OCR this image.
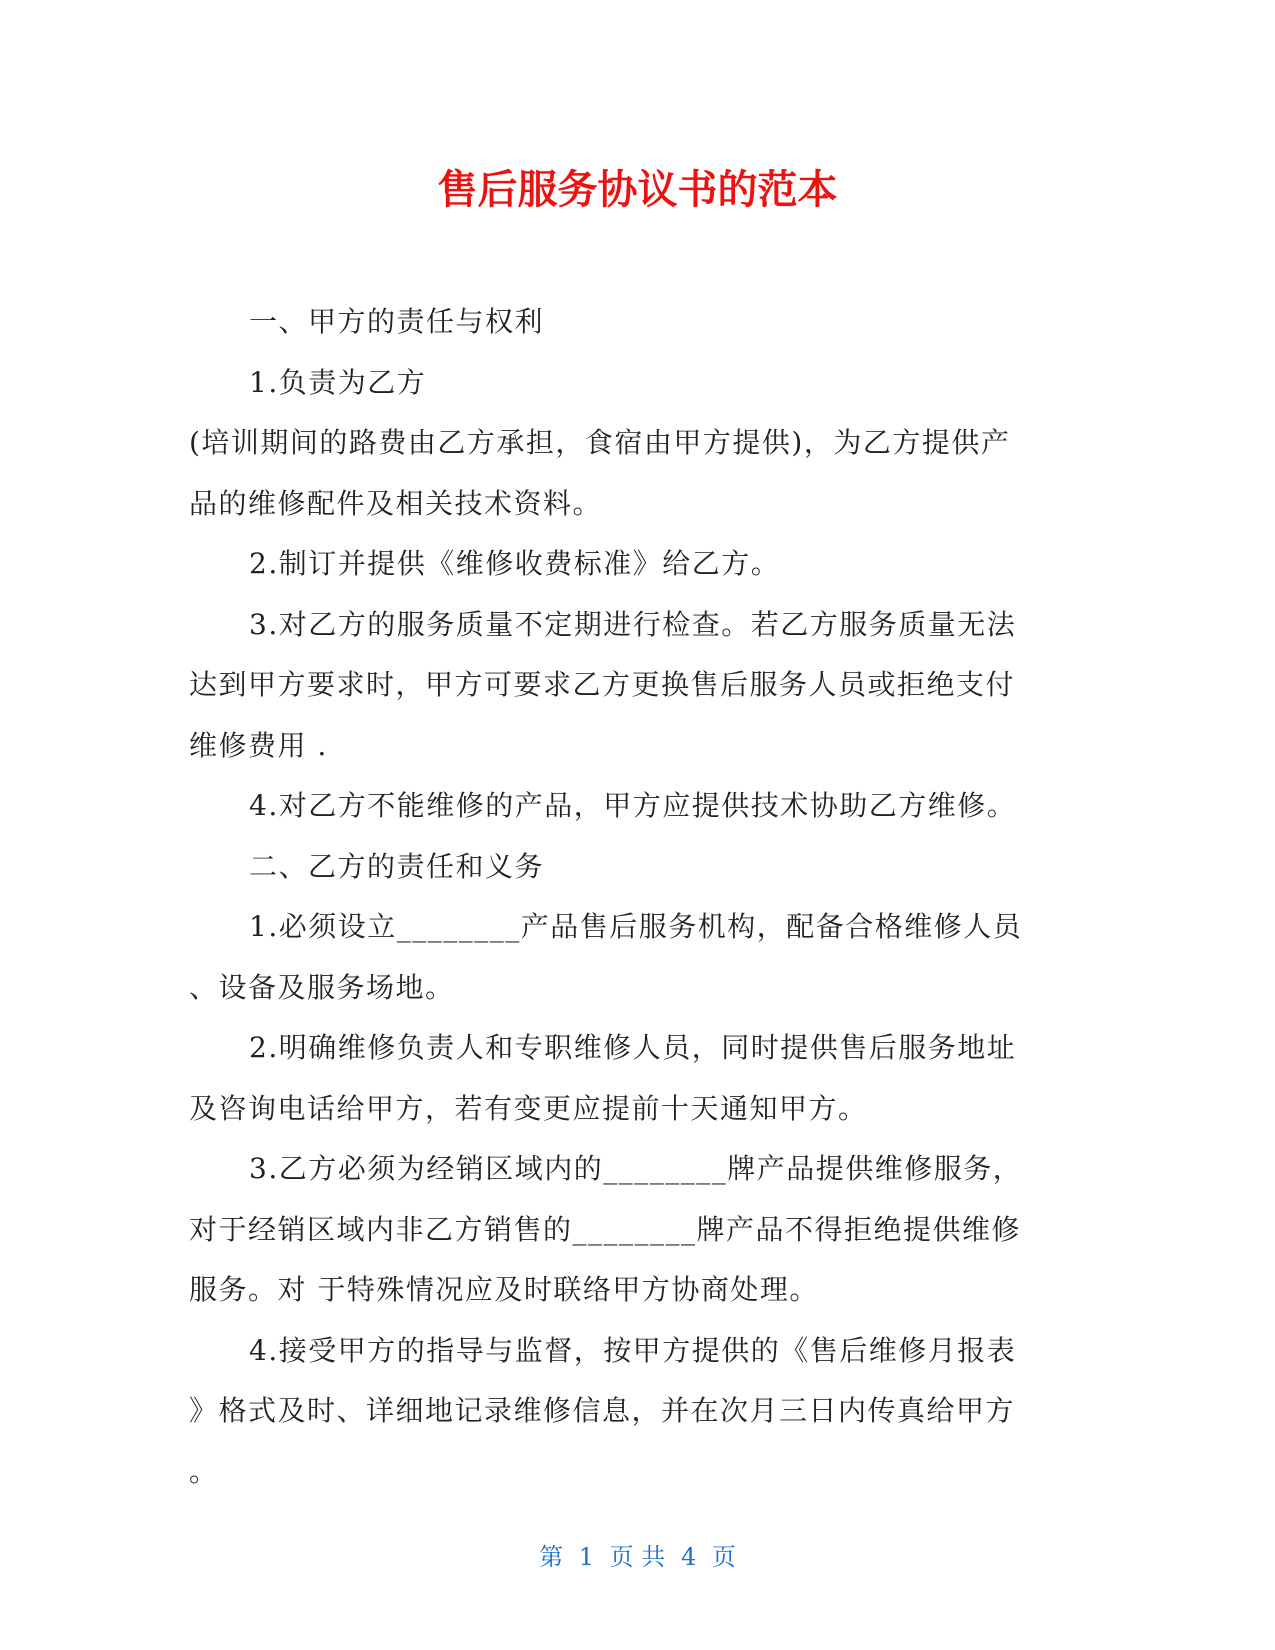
售后服务协议书的范本
一、甲方的责任与权利
1.负责为乙方
(培训期间的路费由乙方承担，食宿由甲方提供)，为乙方提供产
品的维修配件及相关技术资料。
2.制订并提供《维修收费标准》给乙方。
3.对乙方的服务质量不定期进行检查。若乙方服务质量无法
达到甲方要求时，甲方可要求乙方更换售后服务人员或拒绝支付
维修费用 .
4.对乙方不能维修的产品，甲方应提供技术协助乙方维修。
二、乙方的责任和义务
1.必须设立________产品售后服务机构，配备合格维修人员
、设备及服务场地。
2.明确维修负责人和专职维修人员，同时提供售后服务地址
及咨询电话给甲方，若有变更应提前十天通知甲方。
3.乙方必须为经销区域内的________牌产品提供维修服务，
对于经销区域内非乙方销售的________牌产品不得拒绝提供维修
服务。对 于特殊情况应及时联络甲方协商处理。
4.接受甲方的指导与监督，按甲方提供的《售后维修月报表
》格式及时、详细地记录维修信息，并在次月三日内传真给甲方
。
第 1 页 共 4 页
